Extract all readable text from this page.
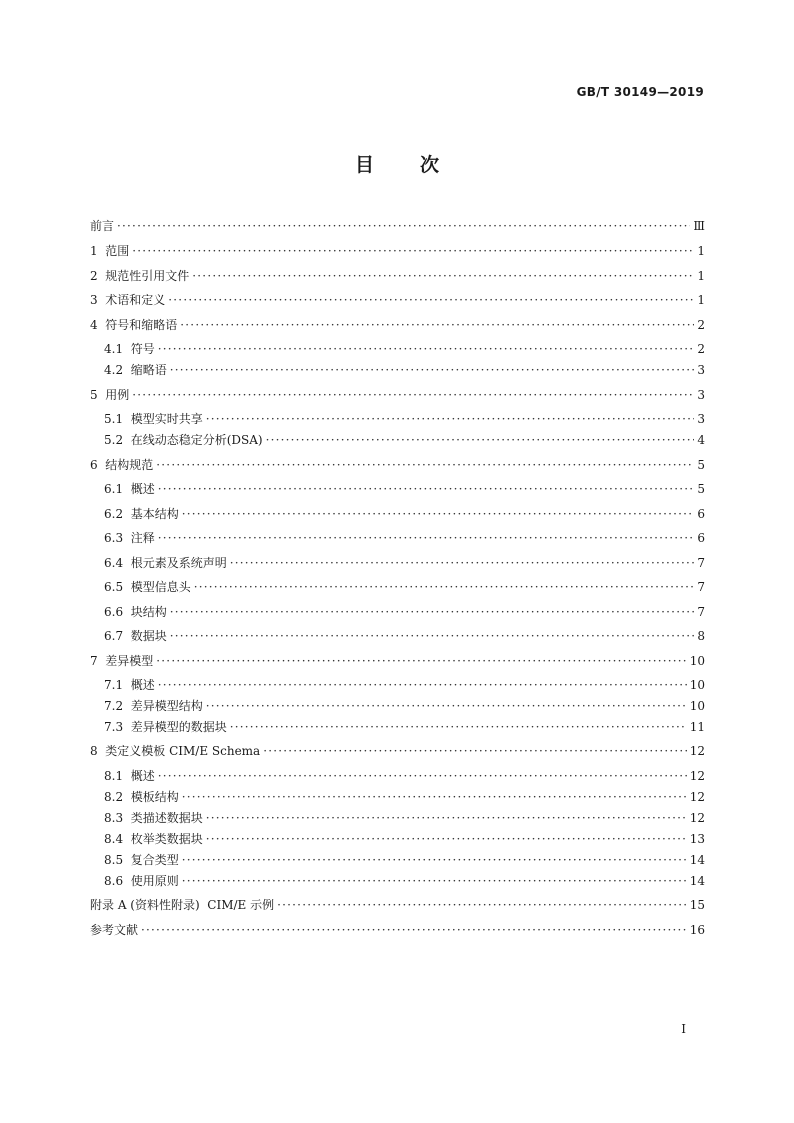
GB/T 30149—2019
目 次
前言 ·····	Ⅲ
1 范围 ·····	1
2 规范性引用文件 ·····	1
3 术语和定义 ·····	1
4 符号和缩略语 ·····	2
4.1 符号 ·····	2
4.2 缩略语 ·····	3
5 用例 ·····	3
5.1 模型实时共享 ·····	3
5.2 在线动态稳定分析(DSA) ·····	4
6 结构规范 ·····	5
6.1 概述 ·····	5
6.2 基本结构 ·····	6
6.3 注释 ·····	6
6.4 根元素及系统声明 ·····	7
6.5 模型信息头 ·····	7
6.6 块结构 ·····	7
6.7 数据块 ·····	8
7 差异模型 ·····	10
7.1 概述 ·····	10
7.2 差异模型结构 ·····	10
7.3 差异模型的数据块 ·····	11
8 类定义模板 CIM/E Schema ·····	12
8.1 概述 ·····	12
8.2 模板结构 ·····	12
8.3 类描述数据块 ·····	12
8.4 枚举类数据块 ·····	13
8.5 复合类型 ·····	14
8.6 使用原则 ·····	14
附录 A (资料性附录)  CIM/E 示例 ·····	15
参考文献 ·····	16
I
